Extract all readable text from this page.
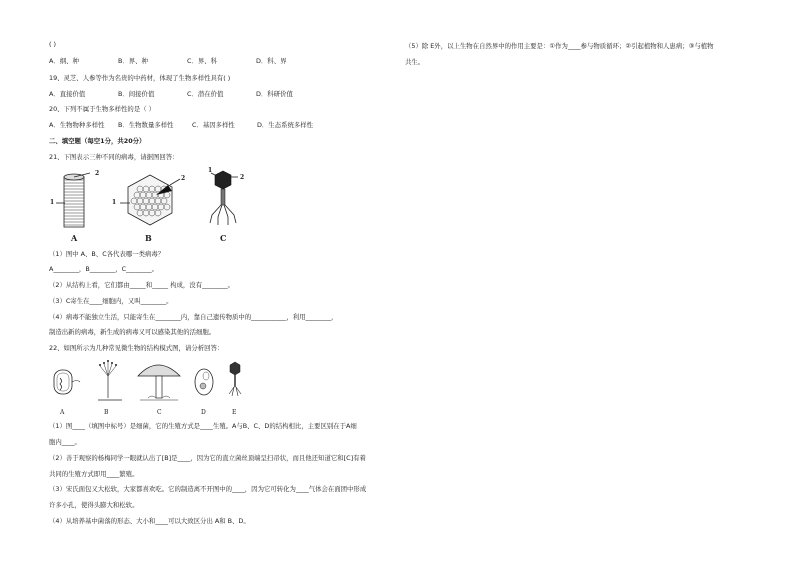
( )
A．纲、种	B．界、种	C．界、科	D．科、界
19、灵芝、人参等作为名贵的中药材，体现了生物多样性具有( )
A．直接价值	B．间接价值	C．潜在价值	D．科研价值
20、下列不属于生物多样性的是（ ）
A．生物物种多样性 B．生物数量多样性	C．基因多样性	D．生态系统多样性
二、填空题（每空1分，共20分）
21、下图表示三种不同的病毒，请据图回答：
2
1
2
1
1
2
A	B	C
（1）图中 A、B、C各代表哪一类病毒？
A________，B________，C________。
（2）从结构上看，它们都由_____和_____ 构成，没有________。
（3）C寄生在____细胞内，又叫________。
（4）病毒不能独立生活，只能寄生在________内，靠自己遗传物质中的___________，利用________，
制造出新的病毒，新生成的病毒又可以感染其他的活细胞。
22、如图所示为几种常见微生物的结构模式图，请分析回答：
A	B	C	D	E
（1）图____（填图中标号）是细菌，它的生殖方式是____生殖。A与B、C、D的结构相比，主要区别在于A细
胞内____。
（2）善于观察的杨梅同学一眼就认出了[B]是____，因为它的直立菌丝顶端呈扫帚状，而且他还知道它和[C]有着
共同的生殖方式即用____繁殖。
（3）宋氏面包又大松软，大家都喜欢吃。它的制造离不开图中的____，因为它可转化为____气体会在面团中形成
许多小孔，使得头膨大和松软。
（4）从培养基中菌落的形态、大小和____可以大致区分出 A和 B、D。
（5）除 E外，以上生物在自然界中的作用主要是：①作为____参与物质循环；②引起植物和人患病；③与植物
共生。
